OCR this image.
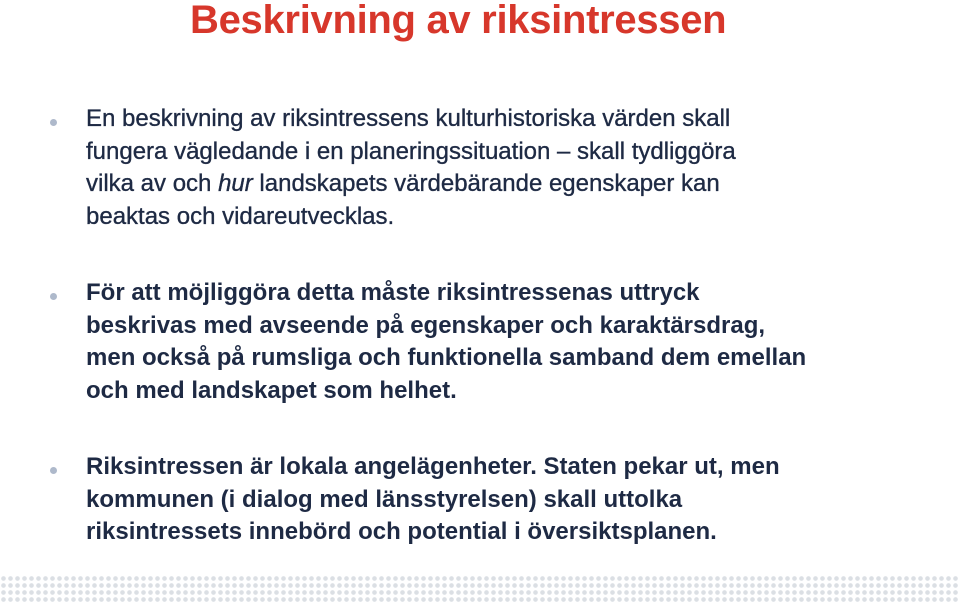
Beskrivning av riksintressen
En beskrivning av riksintressens kulturhistoriska värden skall
fungera vägledande i en planeringssituation – skall tydliggöra
vilka av och hur landskapets värdebärande egenskaper kan
beaktas och vidareutvecklas.
För att möjliggöra detta måste riksintressenas uttryck
beskrivas med avseende på egenskaper och karaktärsdrag,
men också på rumsliga och funktionella samband dem emellan
och med landskapet som helhet.
Riksintressen är lokala angelägenheter. Staten pekar ut, men
kommunen (i dialog med länsstyrelsen) skall uttolka
riksintressets innebörd och potential i översiktsplanen.
